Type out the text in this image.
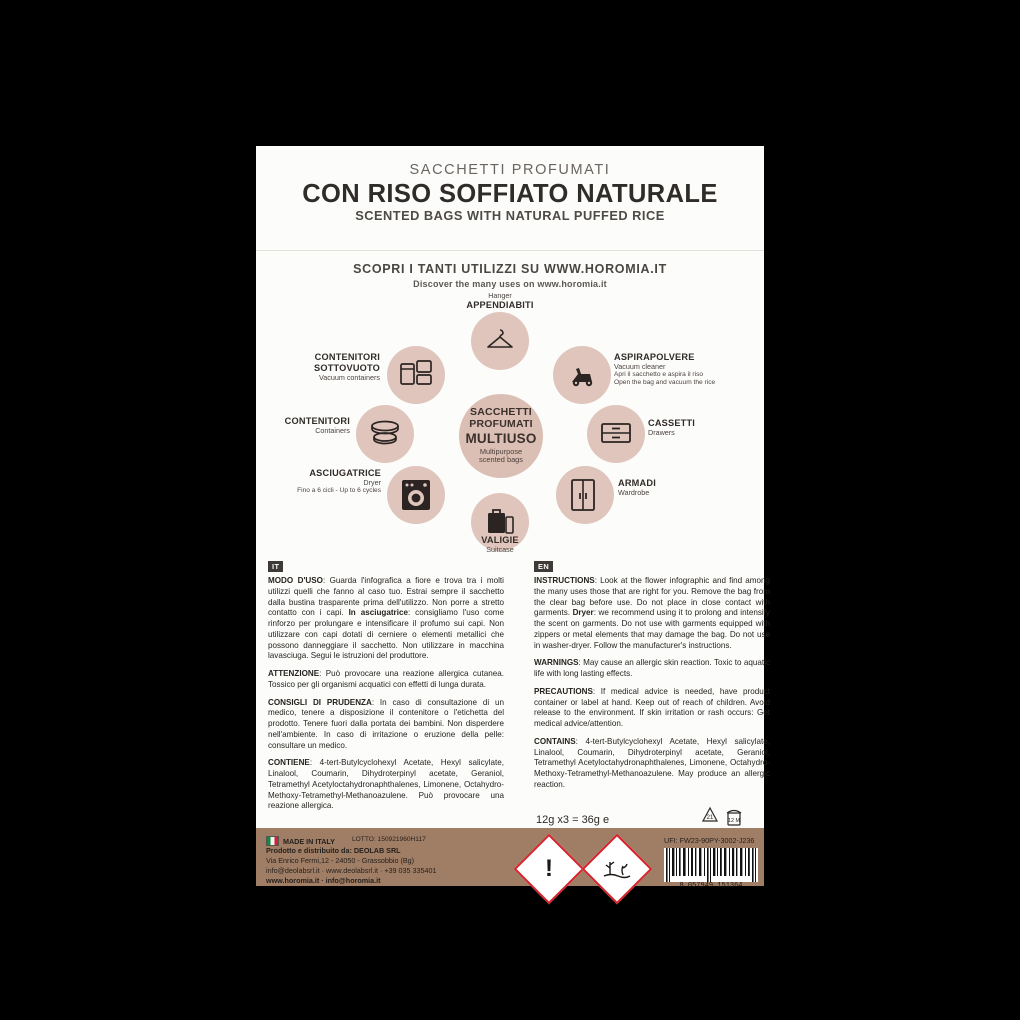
SACCHETTI PROFUMATI
CON RISO SOFFIATO NATURALE
SCENTED BAGS WITH NATURAL PUFFED RICE
SCOPRI I TANTI UTILIZZI SU WWW.HOROMIA.IT
Discover the many uses on www.horomia.it
SACCHETTI
PROFUMATI
MULTIUSO
Multipurpose
scented bags
Hanger
APPENDIABITI
ASPIRAPOLVERE
Vacuum cleaner
Apri il sacchetto e aspira il riso
Open the bag and vacuum the rice
CASSETTI
Drawers
ARMADI
Wardrobe
VALIGIE
Suitcase
ASCIUGATRICE
Dryer
Fino a 6 cicli - Up to 6 cycles
CONTENITORI
Containers
CONTENITORI
SOTTOVUOTO
Vacuum containers
IT

MODO D'USO: Guarda l'infografica a fiore e trova tra i molti utilizzi quelli che fanno al caso tuo. Estrai sempre il sacchetto dalla bustina trasparente prima dell'utilizzo. Non porre a stretto contatto con i capi. In asciugatrice: consigliamo l'uso come rinforzo per prolungare e intensificare il profumo sui capi. Non utilizzare con capi dotati di cerniere o elementi metallici che possono danneggiare il sacchetto. Non utilizzare in macchina lavasciuga. Segui le istruzioni del produttore.

ATTENZIONE: Può provocare una reazione allergica cutanea. Tossico per gli organismi acquatici con effetti di lunga durata.

CONSIGLI DI PRUDENZA: In caso di consultazione di un medico, tenere a disposizione il contenitore o l'etichetta del prodotto. Tenere fuori dalla portata dei bambini. Non disperdere nell'ambiente. In caso di irritazione o eruzione della pelle: consultare un medico.

CONTIENE: 4-tert-Butylcyclohexyl Acetate, Hexyl salicylate, Linalool, Coumarin, Dihydroterpinyl acetate, Geraniol, Tetramethyl Acetyloctahydronaphthalenes, Limonene, Octahydro-Methoxy-Tetramethyl-Methanoazulene. Può provocare una reazione allergica.

EN

INSTRUCTIONS: Look at the flower infographic and find among the many uses those that are right for you. Remove the bag from the clear bag before use. Do not place in close contact with garments. Dryer: we recommend using it to prolong and intensify the scent on garments. Do not use with garments equipped with zippers or metal elements that may damage the bag. Do not use in washer-dryer. Follow the manufacturer's instructions.

WARNINGS: May cause an allergic skin reaction. Toxic to aquatic life with long lasting effects.

PRECAUTIONS: If medical advice is needed, have product container or label at hand. Keep out of reach of children. Avoid release to the environment. If skin irritation or rash occurs: Get medical advice/attention.

CONTAINS: 4-tert-Butylcyclohexyl Acetate, Hexyl salicylate, Linalool, Coumarin, Dihydroterpinyl acetate, Geraniol, Tetramethyl Acetyloctahydronaphthalenes, Limonene, Octahydro-Methoxy-Tetramethyl-Methanoazulene. May produce an allergic reaction.

12g x3 = 36g e	21	12 M
MADE IN ITALY	LOTTO: 150921960H117	UFI: FW23-90PY-3002-J236
Prodotto e distribuito da: DEOLAB SRL
Via Enrico Fermi,12 - 24050 - Grassobbio (Bg)
info@deolabsrl.it · www.deolabsrl.it · +39 035 335401
www.horomia.it · info@horomia.it	!
8 057949 151364
